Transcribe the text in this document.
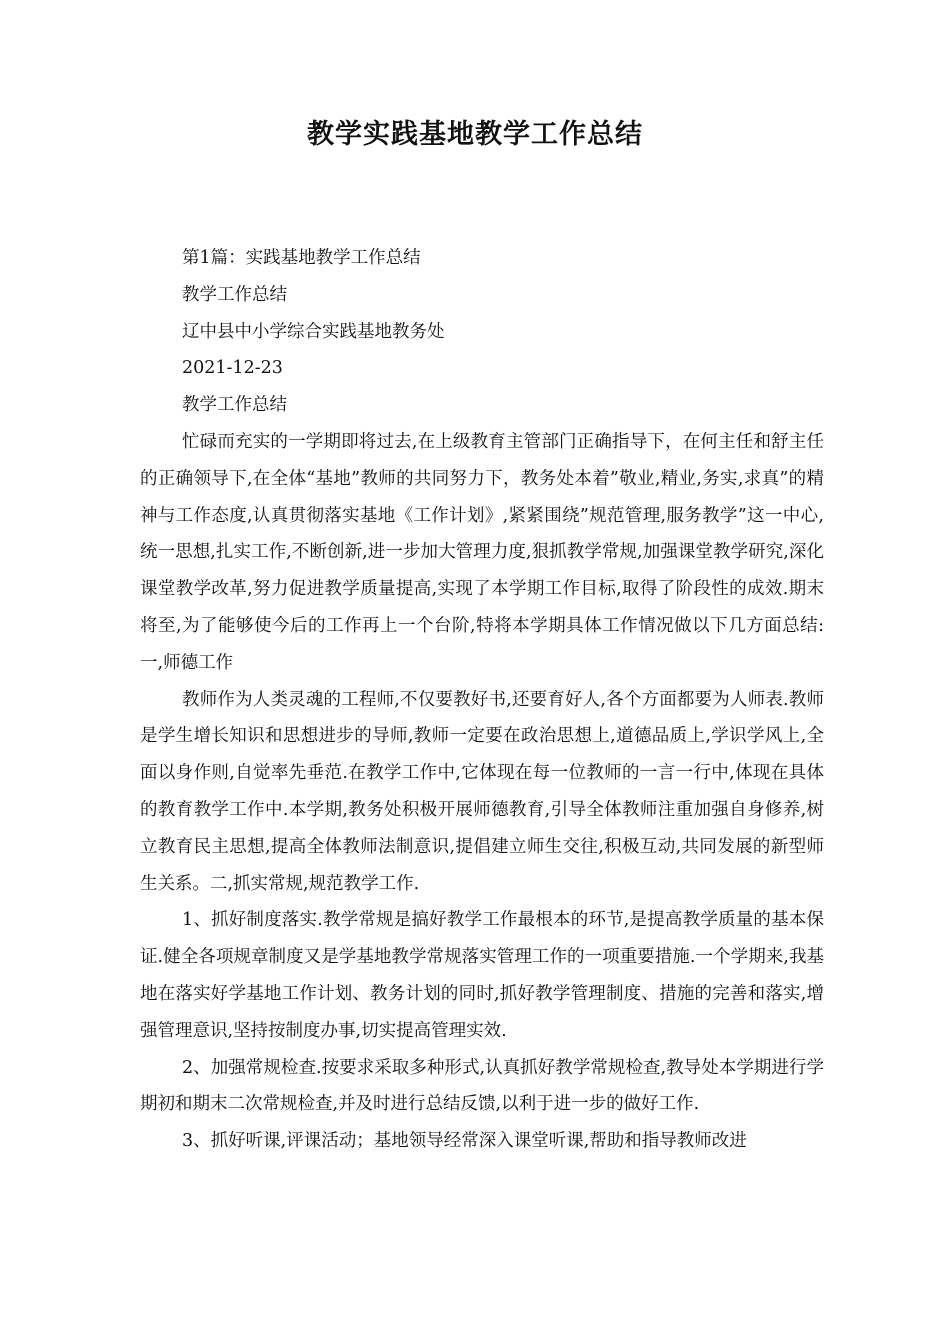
教学实践基地教学工作总结

第1篇：实践基地教学工作总结

教学工作总结

辽中县中小学综合实践基地教务处

2021-12-23

教学工作总结

忙碌而充实的一学期即将过去,在上级教育主管部门正确指导下，在何主任和舒主任的正确领导下,在全体“基地”教师的共同努力下，教务处本着”敬业,精业,务实,求真”的精神与工作态度,认真贯彻落实基地《工作计划》,紧紧围绕”规范管理,服务教学”这一中心,统一思想,扎实工作,不断创新,进一步加大管理力度,狠抓教学常规,加强课堂教学研究,深化课堂教学改革,努力促进教学质量提高,实现了本学期工作目标,取得了阶段性的成效.期末将至,为了能够使今后的工作再上一个台阶,特将本学期具体工作情况做以下几方面总结:一,师德工作

教师作为人类灵魂的工程师,不仅要教好书,还要育好人,各个方面都要为人师表.教师是学生增长知识和思想进步的导师,教师一定要在政治思想上,道德品质上,学识学风上,全面以身作则,自觉率先垂范.在教学工作中,它体现在每一位教师的一言一行中,体现在具体的教育教学工作中.本学期,教务处积极开展师德教育,引导全体教师注重加强自身修养,树立教育民主思想,提高全体教师法制意识,提倡建立师生交往,积极互动,共同发展的新型师生关系。二,抓实常规,规范教学工作.

1、抓好制度落实.教学常规是搞好教学工作最根本的环节,是提高教学质量的基本保证.健全各项规章制度又是学基地教学常规落实管理工作的一项重要措施.一个学期来,我基地在落实好学基地工作计划、教务计划的同时,抓好教学管理制度、措施的完善和落实,增强管理意识,坚持按制度办事,切实提高管理实效.

2、加强常规检查.按要求采取多种形式,认真抓好教学常规检查,教导处本学期进行学期初和期末二次常规检查,并及时进行总结反馈,以利于进一步的做好工作.

3、抓好听课,评课活动；基地领导经常深入课堂听课,帮助和指导教师改进
